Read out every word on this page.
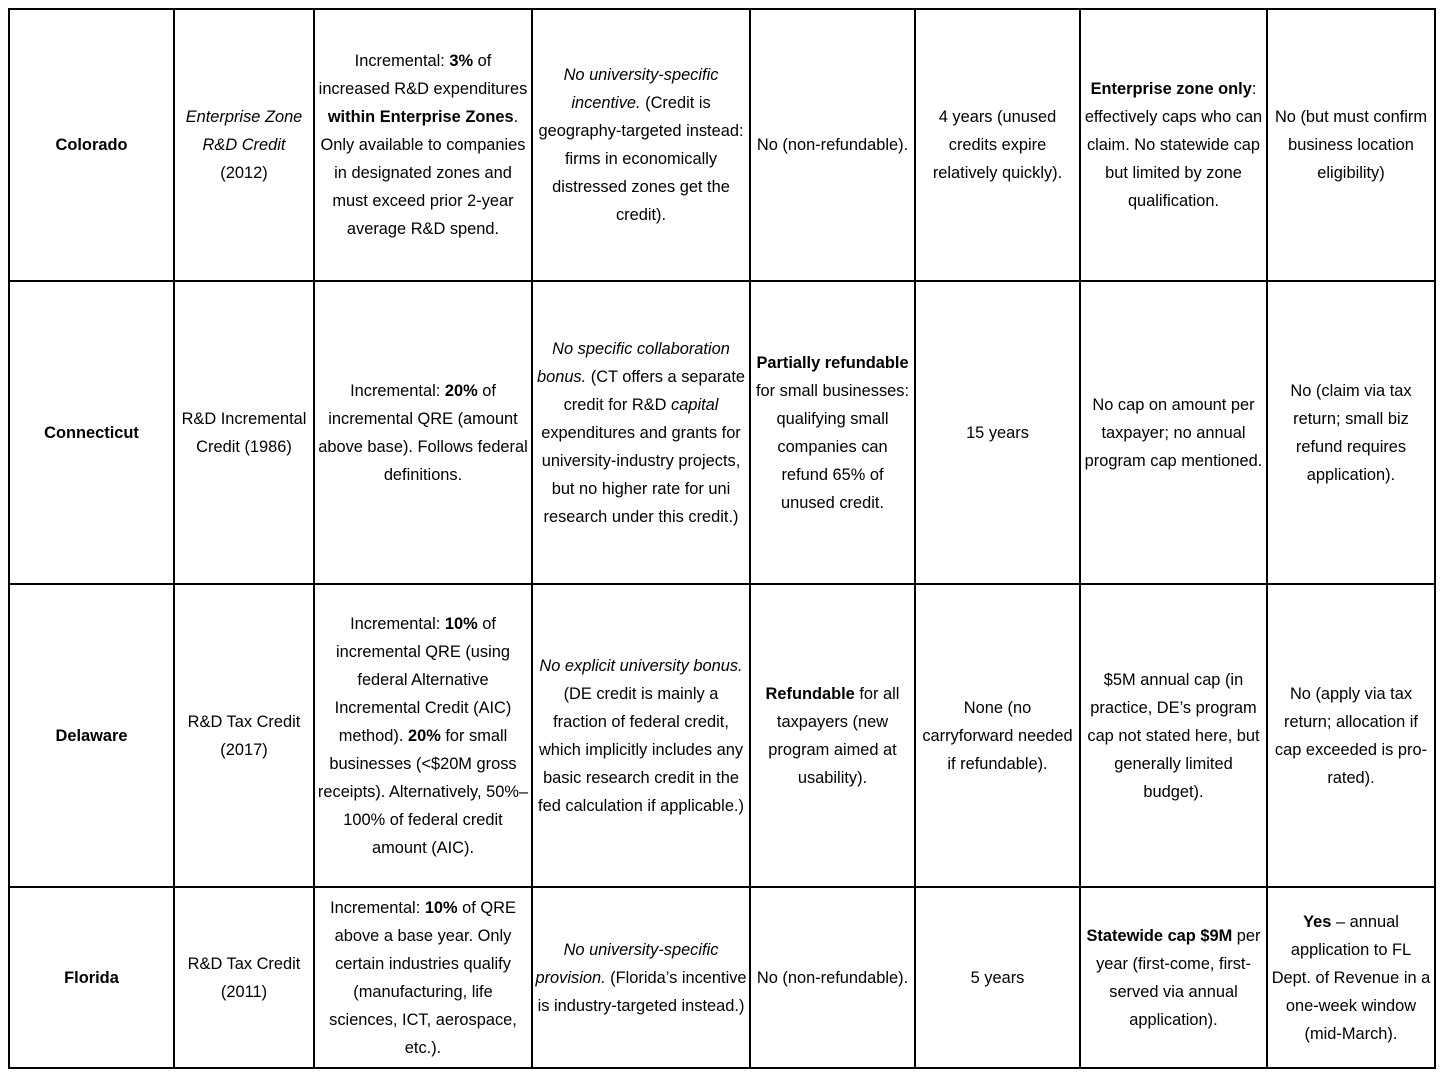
Colorado	Enterprise Zone R&D Credit (2012)	Incremental: 3% of increased R&D expenditures within Enterprise Zones. Only available to companies in designated zones and must exceed prior 2-year average R&D spend.	No university-specific incentive. (Credit is geography-targeted instead: firms in economically distressed zones get the credit).	No (non-refundable).	4 years (unused credits expire relatively quickly).	Enterprise zone only: effectively caps who can claim. No statewide cap but limited by zone qualification.	No (but must confirm business location eligibility)
Connecticut	R&D Incremental Credit (1986)	Incremental: 20% of incremental QRE (amount above base). Follows federal definitions.	No specific collaboration bonus. (CT offers a separate credit for R&D capital expenditures and grants for university-industry projects, but no higher rate for uni research under this credit.)	Partially refundable for small businesses: qualifying small companies can refund 65% of unused credit.	15 years	No cap on amount per taxpayer; no annual program cap mentioned.	No (claim via tax return; small biz refund requires application).
Delaware	R&D Tax Credit (2017)	Incremental: 10% of incremental QRE (using federal Alternative Incremental Credit (AIC) method). 20% for small businesses (<$20M gross receipts). Alternatively, 50%–100% of federal credit amount (AIC).	No explicit university bonus. (DE credit is mainly a fraction of federal credit, which implicitly includes any basic research credit in the fed calculation if applicable.)	Refundable for all taxpayers (new program aimed at usability).	None (no carryforward needed if refundable).	$5M annual cap (in practice, DE’s program cap not stated here, but generally limited budget).	No (apply via tax return; allocation if cap exceeded is pro-rated).
Florida	R&D Tax Credit (2011)	Incremental: 10% of QRE above a base year. Only certain industries qualify (manufacturing, life sciences, ICT, aerospace, etc.).	No university-specific provision. (Florida’s incentive is industry-targeted instead.)	No (non-refundable).	5 years	Statewide cap $9M per year (first-come, first-served via annual application).	Yes – annual application to FL Dept. of Revenue in a one-week window (mid-March).
